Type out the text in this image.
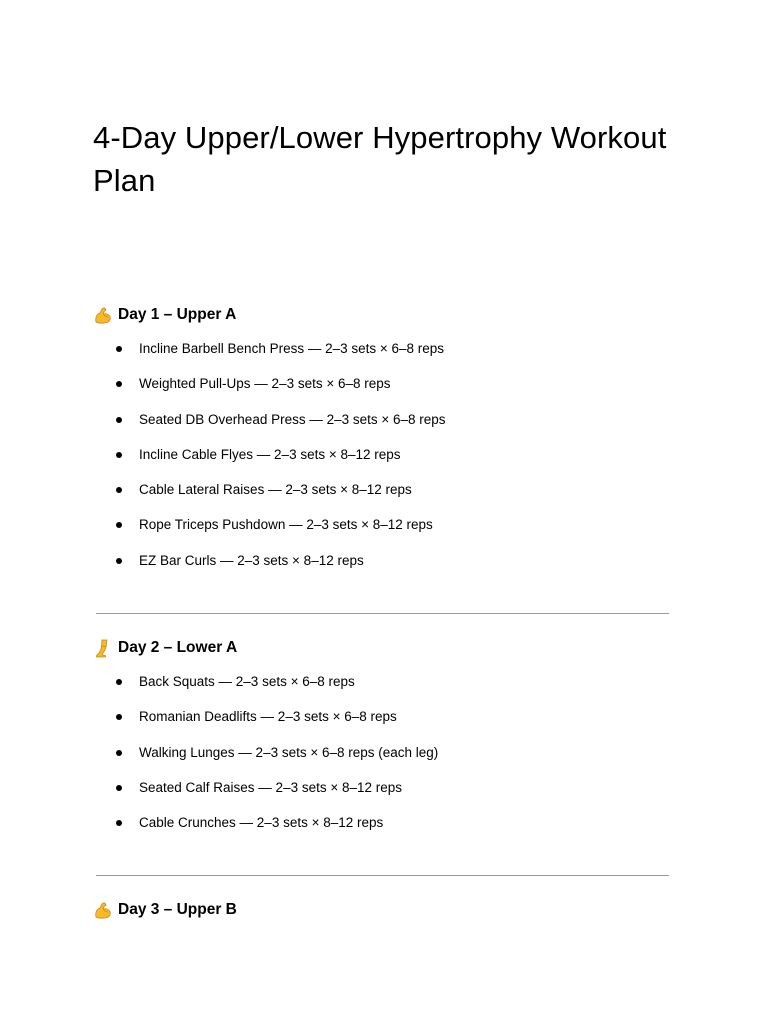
4-Day Upper/Lower Hypertrophy Workout Plan
Day 1 – Upper A
Incline Barbell Bench Press — 2–3 sets × 6–8 reps
Weighted Pull-Ups — 2–3 sets × 6–8 reps
Seated DB Overhead Press — 2–3 sets × 6–8 reps
Incline Cable Flyes — 2–3 sets × 8–12 reps
Cable Lateral Raises — 2–3 sets × 8–12 reps
Rope Triceps Pushdown — 2–3 sets × 8–12 reps
EZ Bar Curls — 2–3 sets × 8–12 reps
Day 2 – Lower A
Back Squats — 2–3 sets × 6–8 reps
Romanian Deadlifts — 2–3 sets × 6–8 reps
Walking Lunges — 2–3 sets × 6–8 reps (each leg)
Seated Calf Raises — 2–3 sets × 8–12 reps
Cable Crunches — 2–3 sets × 8–12 reps
Day 3 – Upper B
